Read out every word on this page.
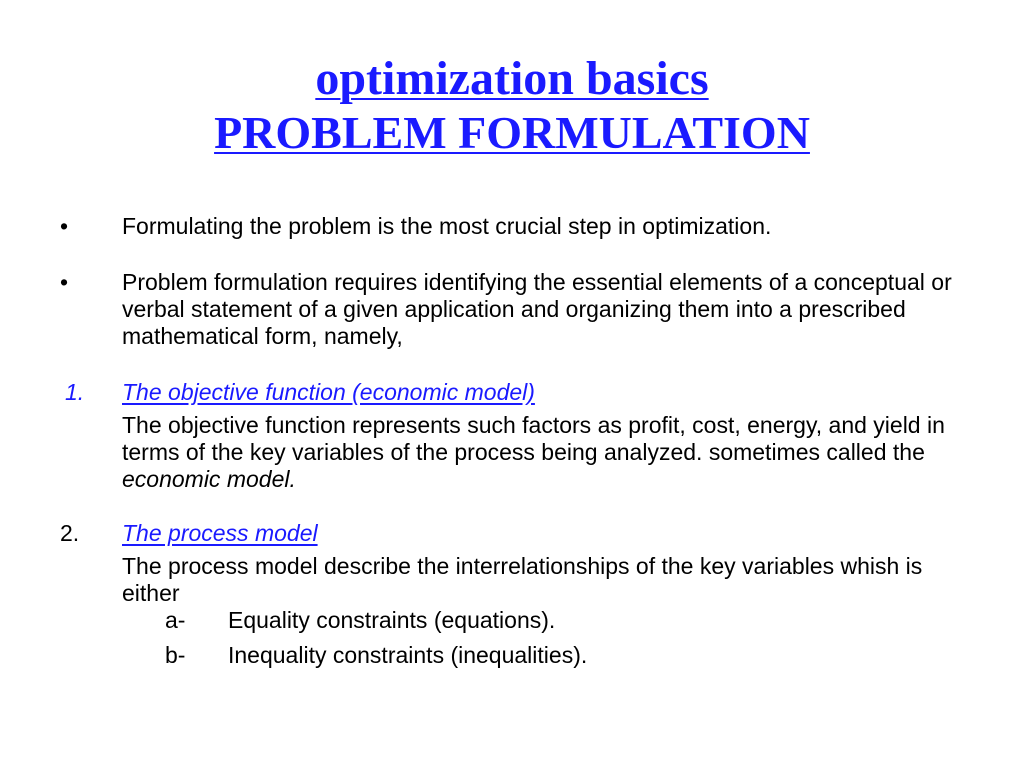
optimization basics
PROBLEM FORMULATION
• Formulating the problem is the most crucial step in optimization.
• Problem formulation requires identifying the essential elements of a conceptual or verbal statement of a given application and organizing them into a prescribed mathematical form, namely,
1. The objective function (economic model)
The objective function represents such factors as profit, cost, energy, and yield in terms of the key variables of the process being analyzed. sometimes called the economic model.
2. The process model
The process model describe the interrelationships of the key variables whish is either
a- Equality constraints (equations).
b- Inequality constraints (inequalities).
